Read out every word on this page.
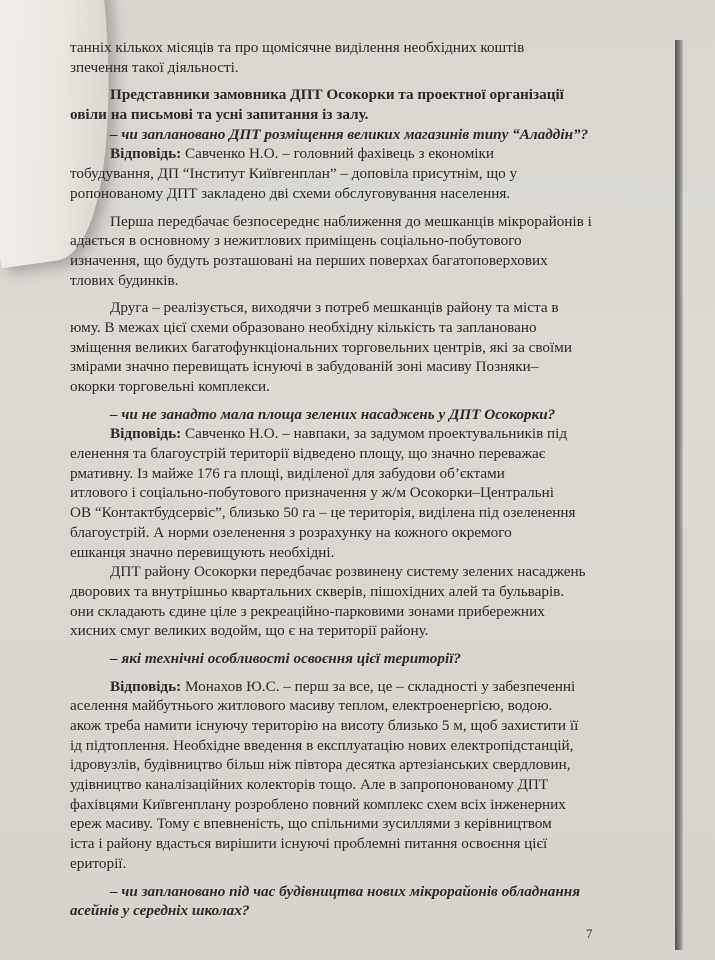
танніх кількох місяців та про щомісячне виділення необхідних коштів
зпечення такої діяльності.
Представники замовника ДПТ Осокорки та проектної організації
овіли на письмові та усні запитання із залу.
– чи заплановано ДПТ розміщення великих магазинів типу “Аладдін”?
Відповідь: Савченко Н.О. – головний фахівець з економіки
тобудування, ДП “Інститут Київгенплан” – доповіла присутнім, що у
ропонованому ДПТ закладено дві схеми обслуговування населення.
Перша передбачає безпосереднє наближення до мешканців мікрорайонів і
адається в основному з нежитлових приміщень соціально-побутового
изначення, що будуть розташовані на перших поверхах багатоповерхових
тлових будинків.
Друга – реалізується, виходячи з потреб мешканців району та міста в
юму. В межах цієї схеми образовано необхідну кількість та заплановано
зміщення великих багатофункціональних торговельних центрів, які за своїми
змірами значно перевищать існуючі в забудованій зоні масиву Позняки–
окорки торговельні комплекси.
– чи не занадто мала площа зелених насаджень у ДПТ Осокорки?
Відповідь: Савченко Н.О. – навпаки, за задумом проектувальників під
еленення та благоустрій території відведено площу, що значно переважає
рмативну. Із майже 176 га площі, виділеної для забудови об’єктами
итлового і соціально-побутового призначення у ж/м Осокорки–Центральні
ОВ “Контактбудсервіс”, близько 50 га – це територія, виділена під озеленення
благоустрій. А норми озеленення з розрахунку на кожного окремого
ешканця значно перевищують необхідні.
ДПТ району Осокорки передбачає розвинену систему зелених насаджень
дворових та внутрішньо квартальних скверів, пішохідних алей та бульварів.
они складають єдине ціле з рекреаційно-парковими зонами прибережних
хисних смуг великих водойм, що є на території району.
– які технічні особливості освоєння цієї території?
Відповідь: Монахов Ю.С. – перш за все, це – складності у забезпеченні
аселення майбутнього житлового масиву теплом, електроенергією, водою.
акож треба намити існуючу територію на висоту близько 5 м, щоб захистити її
ід підтоплення. Необхідне введення в експлуатацію нових електропідстанцій,
ідровузлів, будівництво більш ніж півтора десятка артезіанських свердловин,
удівництво каналізаційних колекторів тощо. Але в запропонованому ДПТ
фахівцями Київгенплану розроблено повний комплекс схем всіх інженерних
ереж масиву. Тому є впевненість, що спільними зусиллями з керівництвом
іста і району вдасться вирішити існуючі проблемні питання освоєння цієї
ериторії.
– чи заплановано під час будівництва нових мікрорайонів обладнання
асейнів у середніх школах?
7
